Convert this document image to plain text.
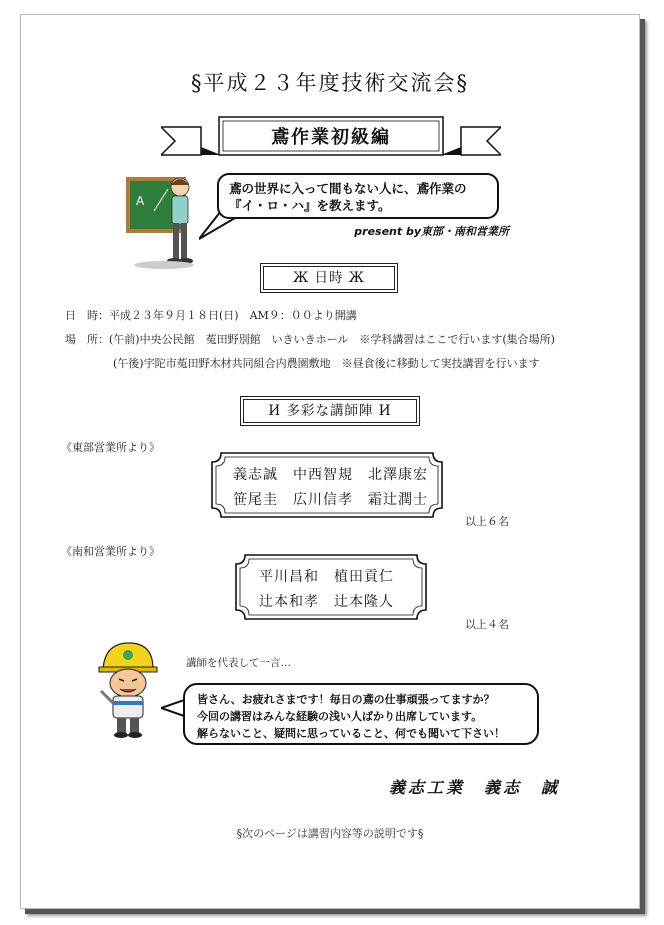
§平成２３年度技術交流会§
鳶作業初級編
A
鳶の世界に入って間もない人に、鳶作業の
『イ・ロ・ハ』を教えます。
present by東部・南和営業所
Ж 日時 Ж
日　時：平成２３年９月１８日(日)　AM９：００より開講
場　所：(午前)中央公民館　菟田野別館　いきいきホール　※学科講習はここで行います(集合場所)
(午後)宇陀市菟田野木材共同組合内農園敷地　※昼食後に移動して実技講習を行います
И 多彩な講師陣 И
《東部営業所より》
義志誠　中西智規　北澤康宏
笹尾圭　広川信孝　霜辻潤士
以上６名
《南和営業所より》
平川昌和　植田貢仁
辻本和孝　辻本隆人
以上４名
講師を代表して一言…
皆さん、お疲れさまです！毎日の鳶の仕事頑張ってますか？
今回の講習はみんな経験の浅い人ばかり出席しています。
解らないこと、疑問に思っていること、何でも聞いて下さい！
義志工業　義志　誠
§次のページは講習内容等の説明です§
